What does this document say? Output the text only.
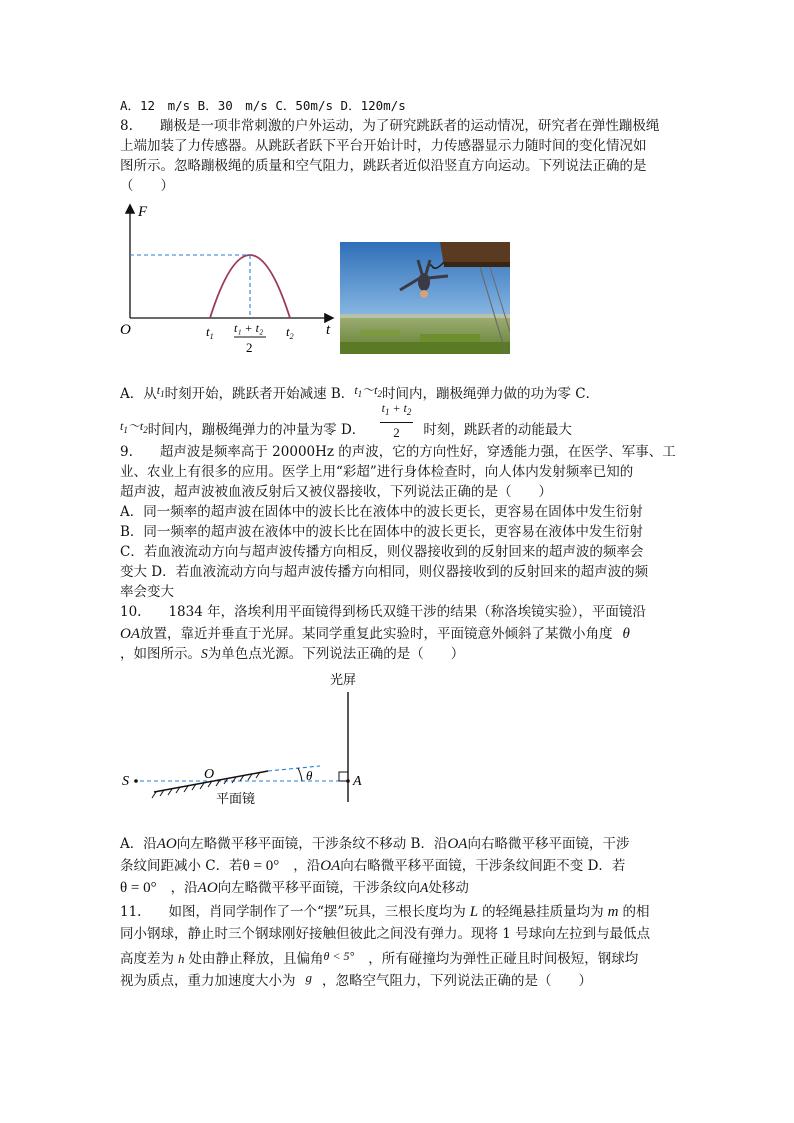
A．12　m/s B．30　m/s C．50m/s D．120m/s
8.　　蹦极是一项非常刺激的户外运动，为了研究跳跃者的运动情况，研究者在弹性蹦极绳
上端加装了力传感器。从跳跃者跃下平台开始计时，力传感器显示力随时间的变化情况如
图所示。忽略蹦极绳的质量和空气阻力，跳跃者近似沿竖直方向运动。下列说法正确的是
（　　）
F
t
O	$t_1$	$t_2$
t₁ + t₂
2
A．从$t_1$时刻开始，跳跃者开始减速 B．$t_1\sim t_2$时间内，蹦极绳弹力做的功为零 C．
$t_1\sim t_2$时间内，蹦极绳弹力的冲量为零 D． $\frac{t_1 + t_2}{2}$ 时刻，跳跃者的动能最大
9.　　超声波是频率高于 20000Hz 的声波，它的方向性好，穿透能力强，在医学、军事、工
业、农业上有很多的应用。医学上用“彩超”进行身体检查时，向人体内发射频率已知的
超声波，超声波被血液反射后又被仪器接收，下列说法正确的是（　　）
A．同一频率的超声波在固体中的波长比在液体中的波长更长，更容易在固体中发生衍射
B．同一频率的超声波在液体中的波长比在固体中的波长更长，更容易在液体中发生衍射
C．若血液流动方向与超声波传播方向相反，则仪器接收到的反射回来的超声波的频率会
变大 D．若血液流动方向与超声波传播方向相同，则仪器接收到的反射回来的超声波的频
率会变大
10.　　1834 年，洛埃利用平面镜得到杨氏双缝干涉的结果（称洛埃镜实验），平面镜沿
OA放置，靠近并垂直于光屏。某同学重复此实验时，平面镜意外倾斜了某微小角度 θ
，如图所示。S为单色点光源。下列说法正确的是（　　）
光屏
S	θ
O	A
平面镜
A．沿AO向左略微平移平面镜，干涉条纹不移动 B．沿OA向右略微平移平面镜，干涉
条纹间距减小 C．若θ = 0° ，沿OA向右略微平移平面镜，干涉条纹间距不变 D．若
θ = 0° ，沿AO向左略微平移平面镜，干涉条纹向A处移动
11.　　如图，肖同学制作了一个“摆”玩具，三根长度均为 L 的轻绳悬挂质量均为 m 的相
同小钢球，静止时三个钢球刚好接触但彼此之间没有弹力。现将 1 号球向左拉到与最低点
高度差为 h 处由静止释放，且偏角θ < 5° ，所有碰撞均为弹性正碰且时间极短，钢球均
视为质点，重力加速度大小为 g ，忽略空气阻力，下列说法正确的是（　　）
